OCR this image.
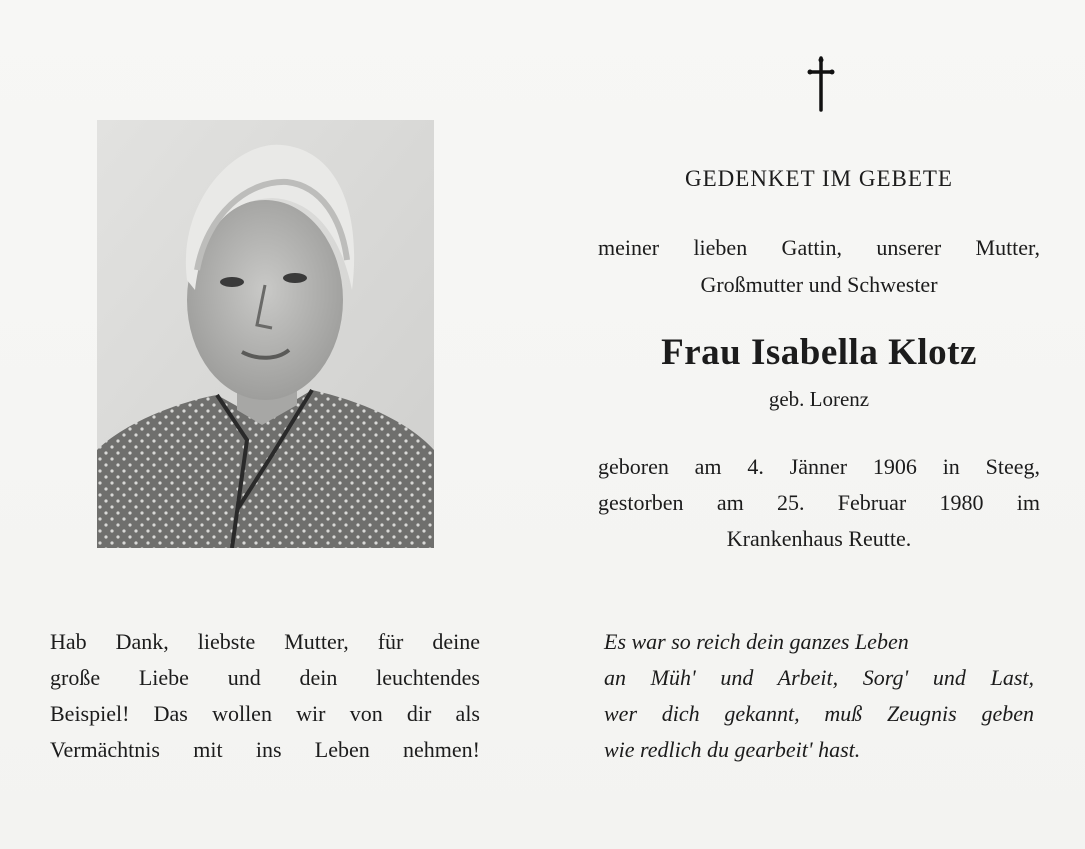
GEDENKET IM GEBETE
meiner lieben Gattin, unserer Mutter,
Großmutter und Schwester
Frau Isabella Klotz
geb. Lorenz
geboren am 4. Jänner 1906 in Steeg,
gestorben am 25. Februar 1980 im
Krankenhaus Reutte.
Hab Dank, liebste Mutter, für deine
große Liebe und dein leuchtendes
Beispiel! Das wollen wir von dir als
Vermächtnis mit ins Leben nehmen!
Es war so reich dein ganzes Leben
an Müh' und Arbeit, Sorg' und Last,
wer dich gekannt, muß Zeugnis geben
wie redlich du gearbeit' hast.
